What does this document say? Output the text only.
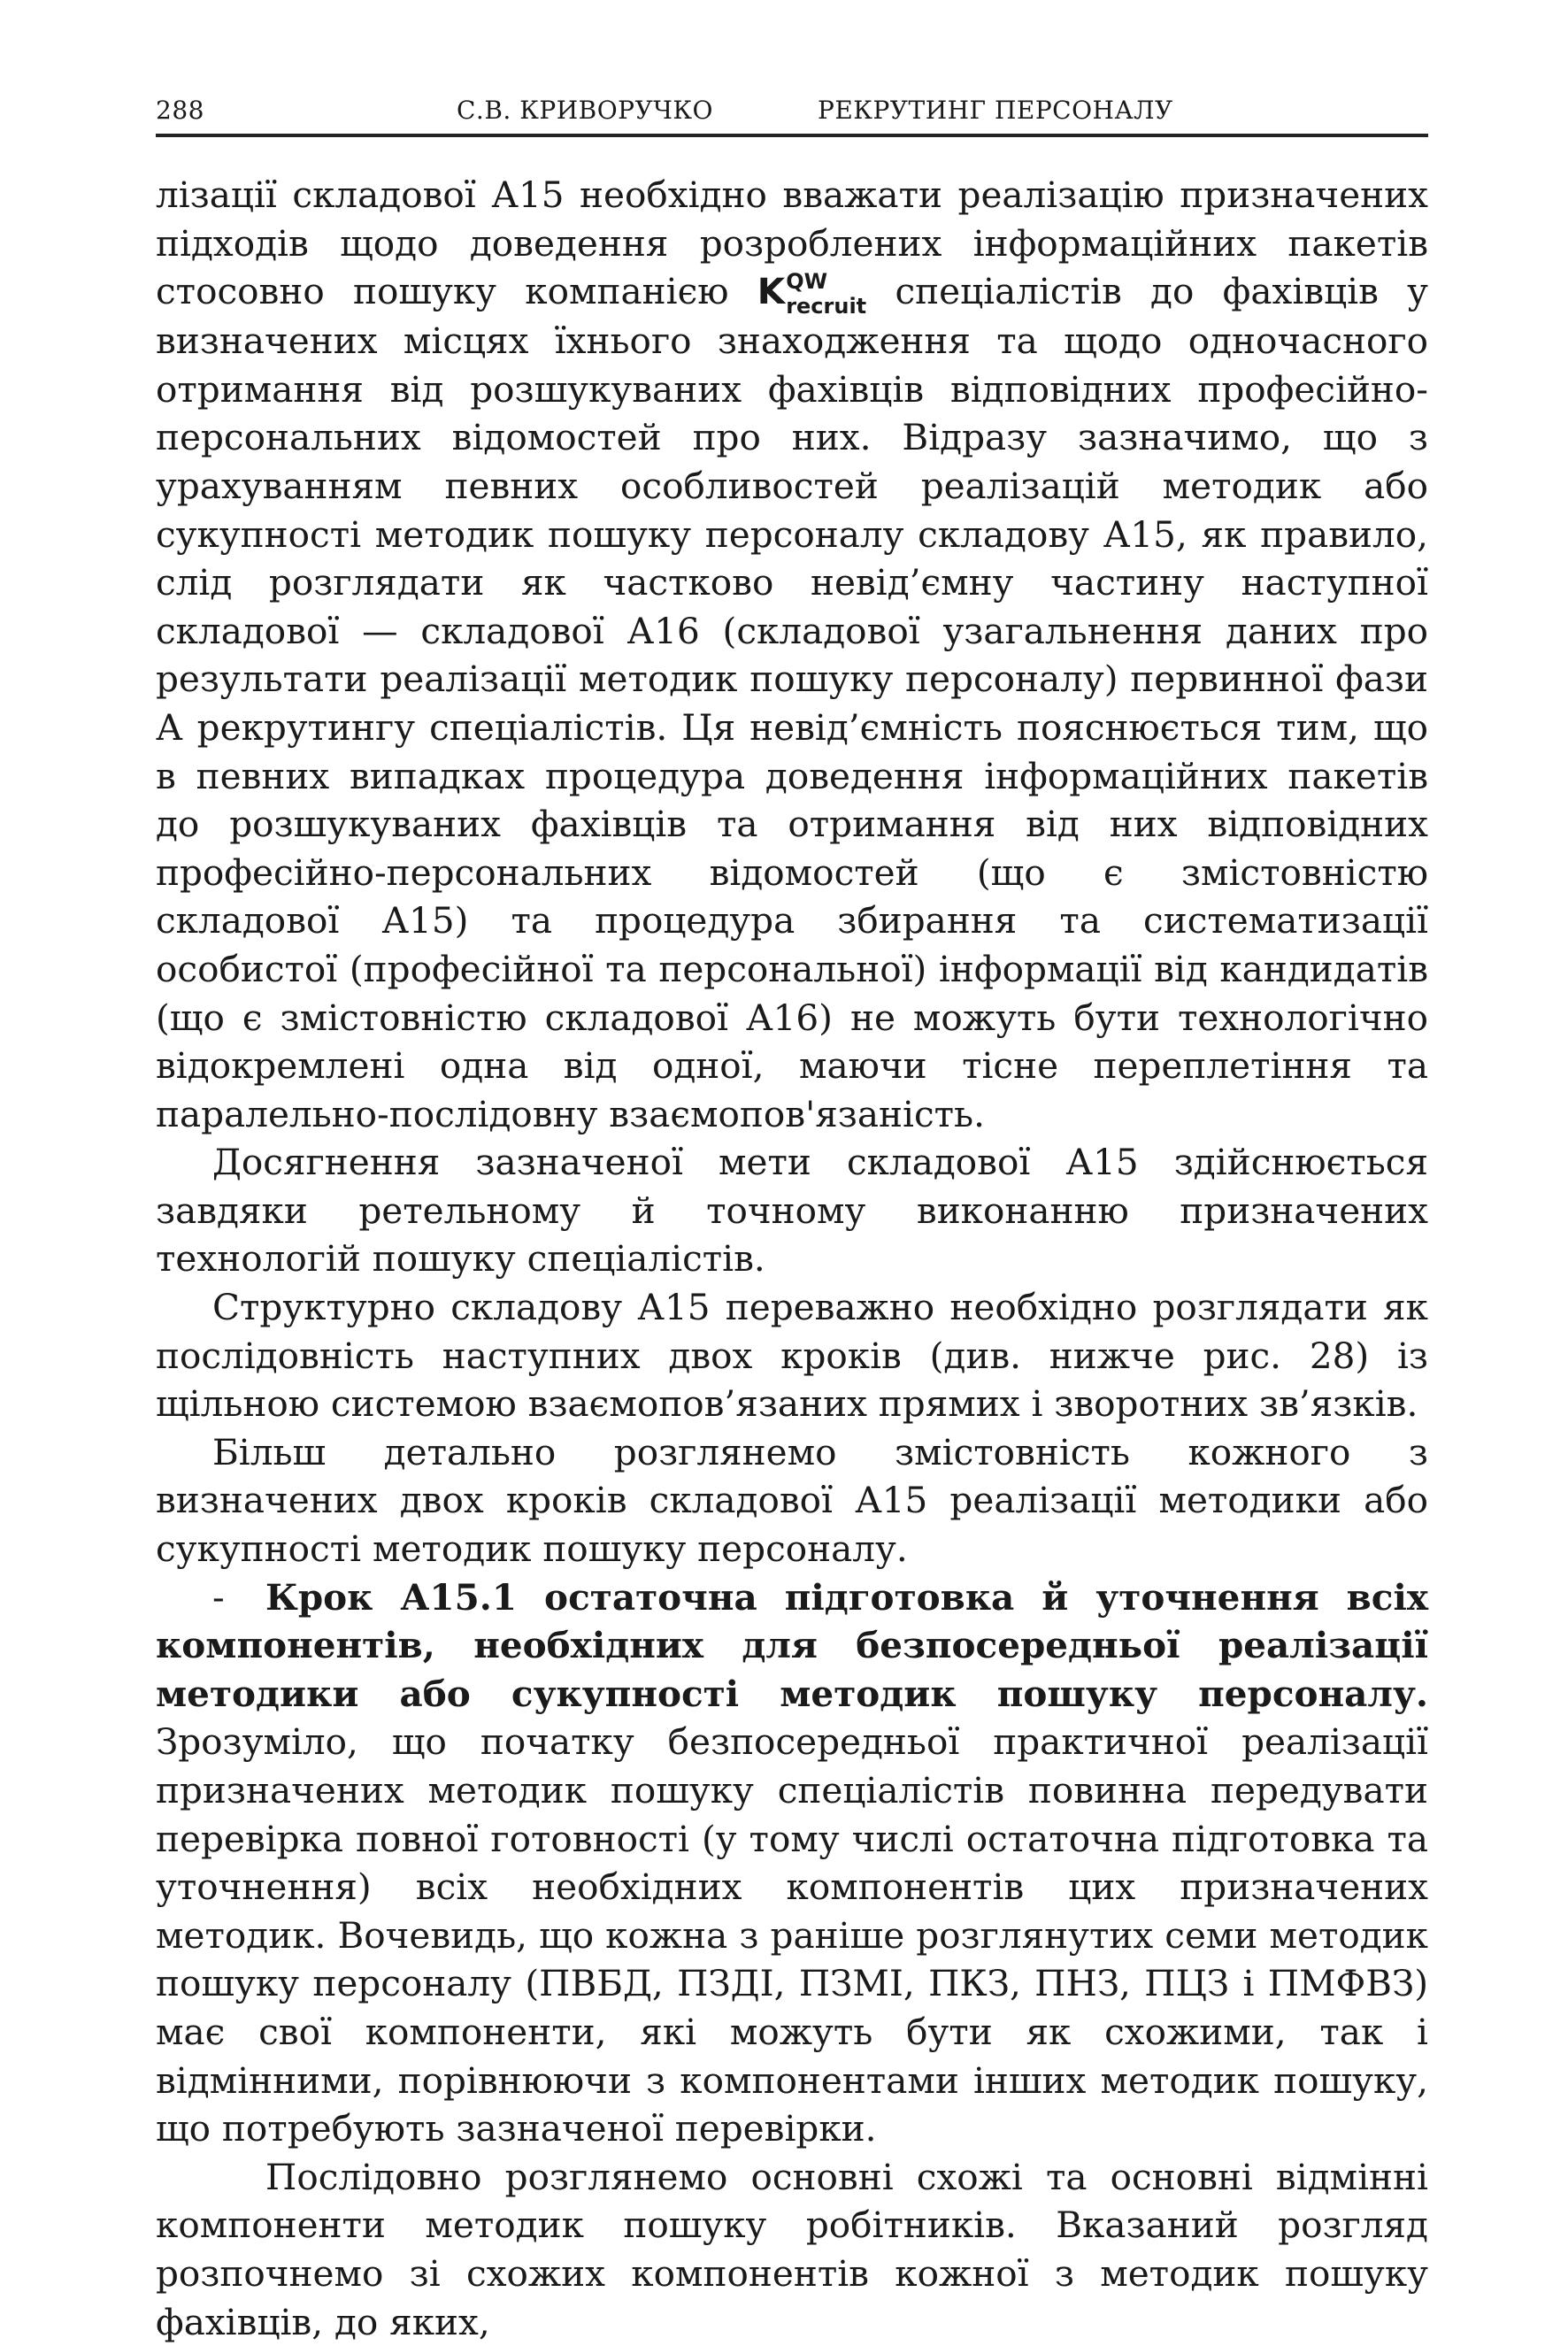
288	С.В. КРИВОРУЧКО	РЕКРУТИНГ ПЕРСОНАЛУ

лізації складової А15 необхідно вважати реалізацію призначених підходів щодо доведення розроблених інформаційних пакетів стосовно пошуку компанією K QW
recruit спеціалістів до фахівців у визначених місцях їхнього знаходження та щодо одночасного отримання від розшукуваних фахівців відповідних професійно-персональних відомостей про них. Відразу зазначимо, що з урахуванням певних особливостей реалізацій методик або сукупності методик пошуку персоналу складову А15, як правило, слід розглядати як частково невід’ємну частину наступної складової — складової А16 (складової узагальнення даних про результати реалізації методик пошуку персоналу) первинної фази А рекрутингу спеціалістів. Ця невід’ємність пояснюється тим, що в певних випадках процедура доведення інформаційних пакетів до розшукуваних фахівців та отримання від них відповідних професійно-персональних відомостей (що є змістовністю складової А15) та процедура збирання та систематизації особистої (професійної та персональної) інформації від кандидатів (що є змістовністю складової А16) не можуть бути технологічно відокремлені одна від одної, маючи тісне переплетіння та паралельно-послідовну взаємопов'язаність.

Досягнення зазначеної мети складової А15 здійснюється завдяки ретельному й точному виконанню призначених технологій пошуку спеціалістів.

Структурно складову А15 переважно необхідно розглядати як послідовність наступних двох кроків (див. нижче рис. 28) із щільною системою взаємопов’язаних прямих і зворотних зв’язків.

Більш детально розглянемо змістовність кожного з визначених двох кроків складової А15 реалізації методики або сукупності методик пошуку персоналу.

- Крок А15.1 остаточна підготовка й уточнення всіх компонентів, необхідних для безпосередньої реалізації методики або сукупності методик пошуку персоналу. Зрозуміло, що початку безпосередньої практичної реалізації призначених методик пошуку спеціалістів повинна передувати перевірка повної готовності (у тому числі остаточна підготовка та уточнення) всіх необхідних компонентів цих призначених методик. Вочевидь, що кожна з раніше розглянутих семи методик пошуку персоналу (ПВБД, ПЗДІ, ПЗМІ, ПКЗ, ПНЗ, ПЦЗ і ПМФВЗ) має свої компоненти, які можуть бути як схожими, так і відмінними, порівнюючи з компонентами інших методик пошуку, що потребують зазначеної перевірки.

Послідовно розглянемо основні схожі та основні відмінні компоненти методик пошуку робітників. Вказаний розгляд розпочнемо зі схожих компонентів кожної з методик пошуку фахівців, до яких,
